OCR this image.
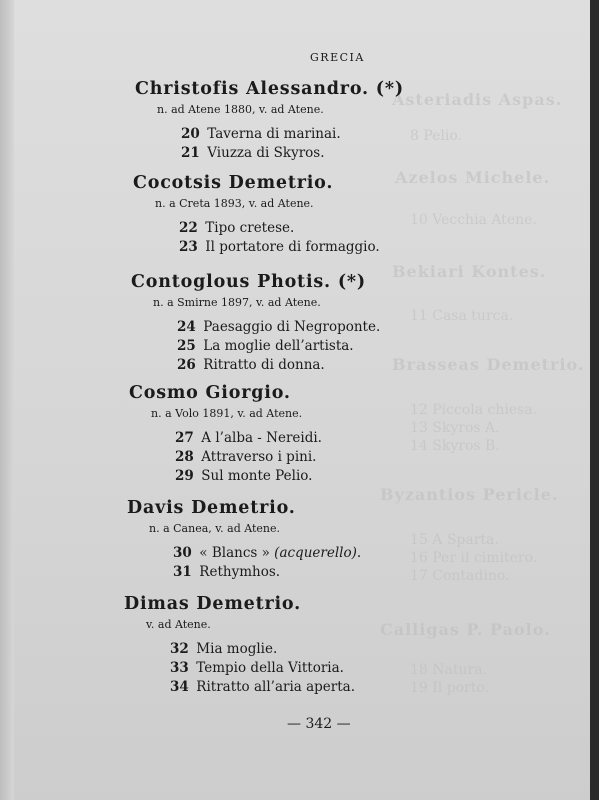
Asteriadis Aspas.
8 Pelio.
Azelos Michele.
10 Vecchia Atene.
Bekiari Kontes.
11 Casa turca.
Brasseas Demetrio.
12 Piccola chiesa.
13 Skyros A.
14 Skyros B.
Byzantios Pericle.
15 A Sparta.
16 Per il cimitero.
17 Contadino.
Calligas P. Paolo.
18 Natura.
19 Il porto.
GRECIA
Christofis Alessandro. (*)
n. ad Atene 1880, v. ad Atene.
20 Taverna di marinai.
21 Viuzza di Skyros.
Cocotsis Demetrio.
n. a Creta 1893, v. ad Atene.
22 Tipo cretese.
23 Il portatore di formaggio.
Contoglous Photis. (*)
n. a Smirne 1897, v. ad Atene.
24 Paesaggio di Negroponte.
25 La moglie dell’artista.
26 Ritratto di donna.
Cosmo Giorgio.
n. a Volo 1891, v. ad Atene.
27 A l’alba - Nereidi.
28 Attraverso i pini.
29 Sul monte Pelio.
Davis Demetrio.
n. a Canea, v. ad Atene.
30 « Blancs » (acquerello).
31 Rethymhos.
Dimas Demetrio.
v. ad Atene.
32 Mia moglie.
33 Tempio della Vittoria.
34 Ritratto all’aria aperta.
— 342 —
